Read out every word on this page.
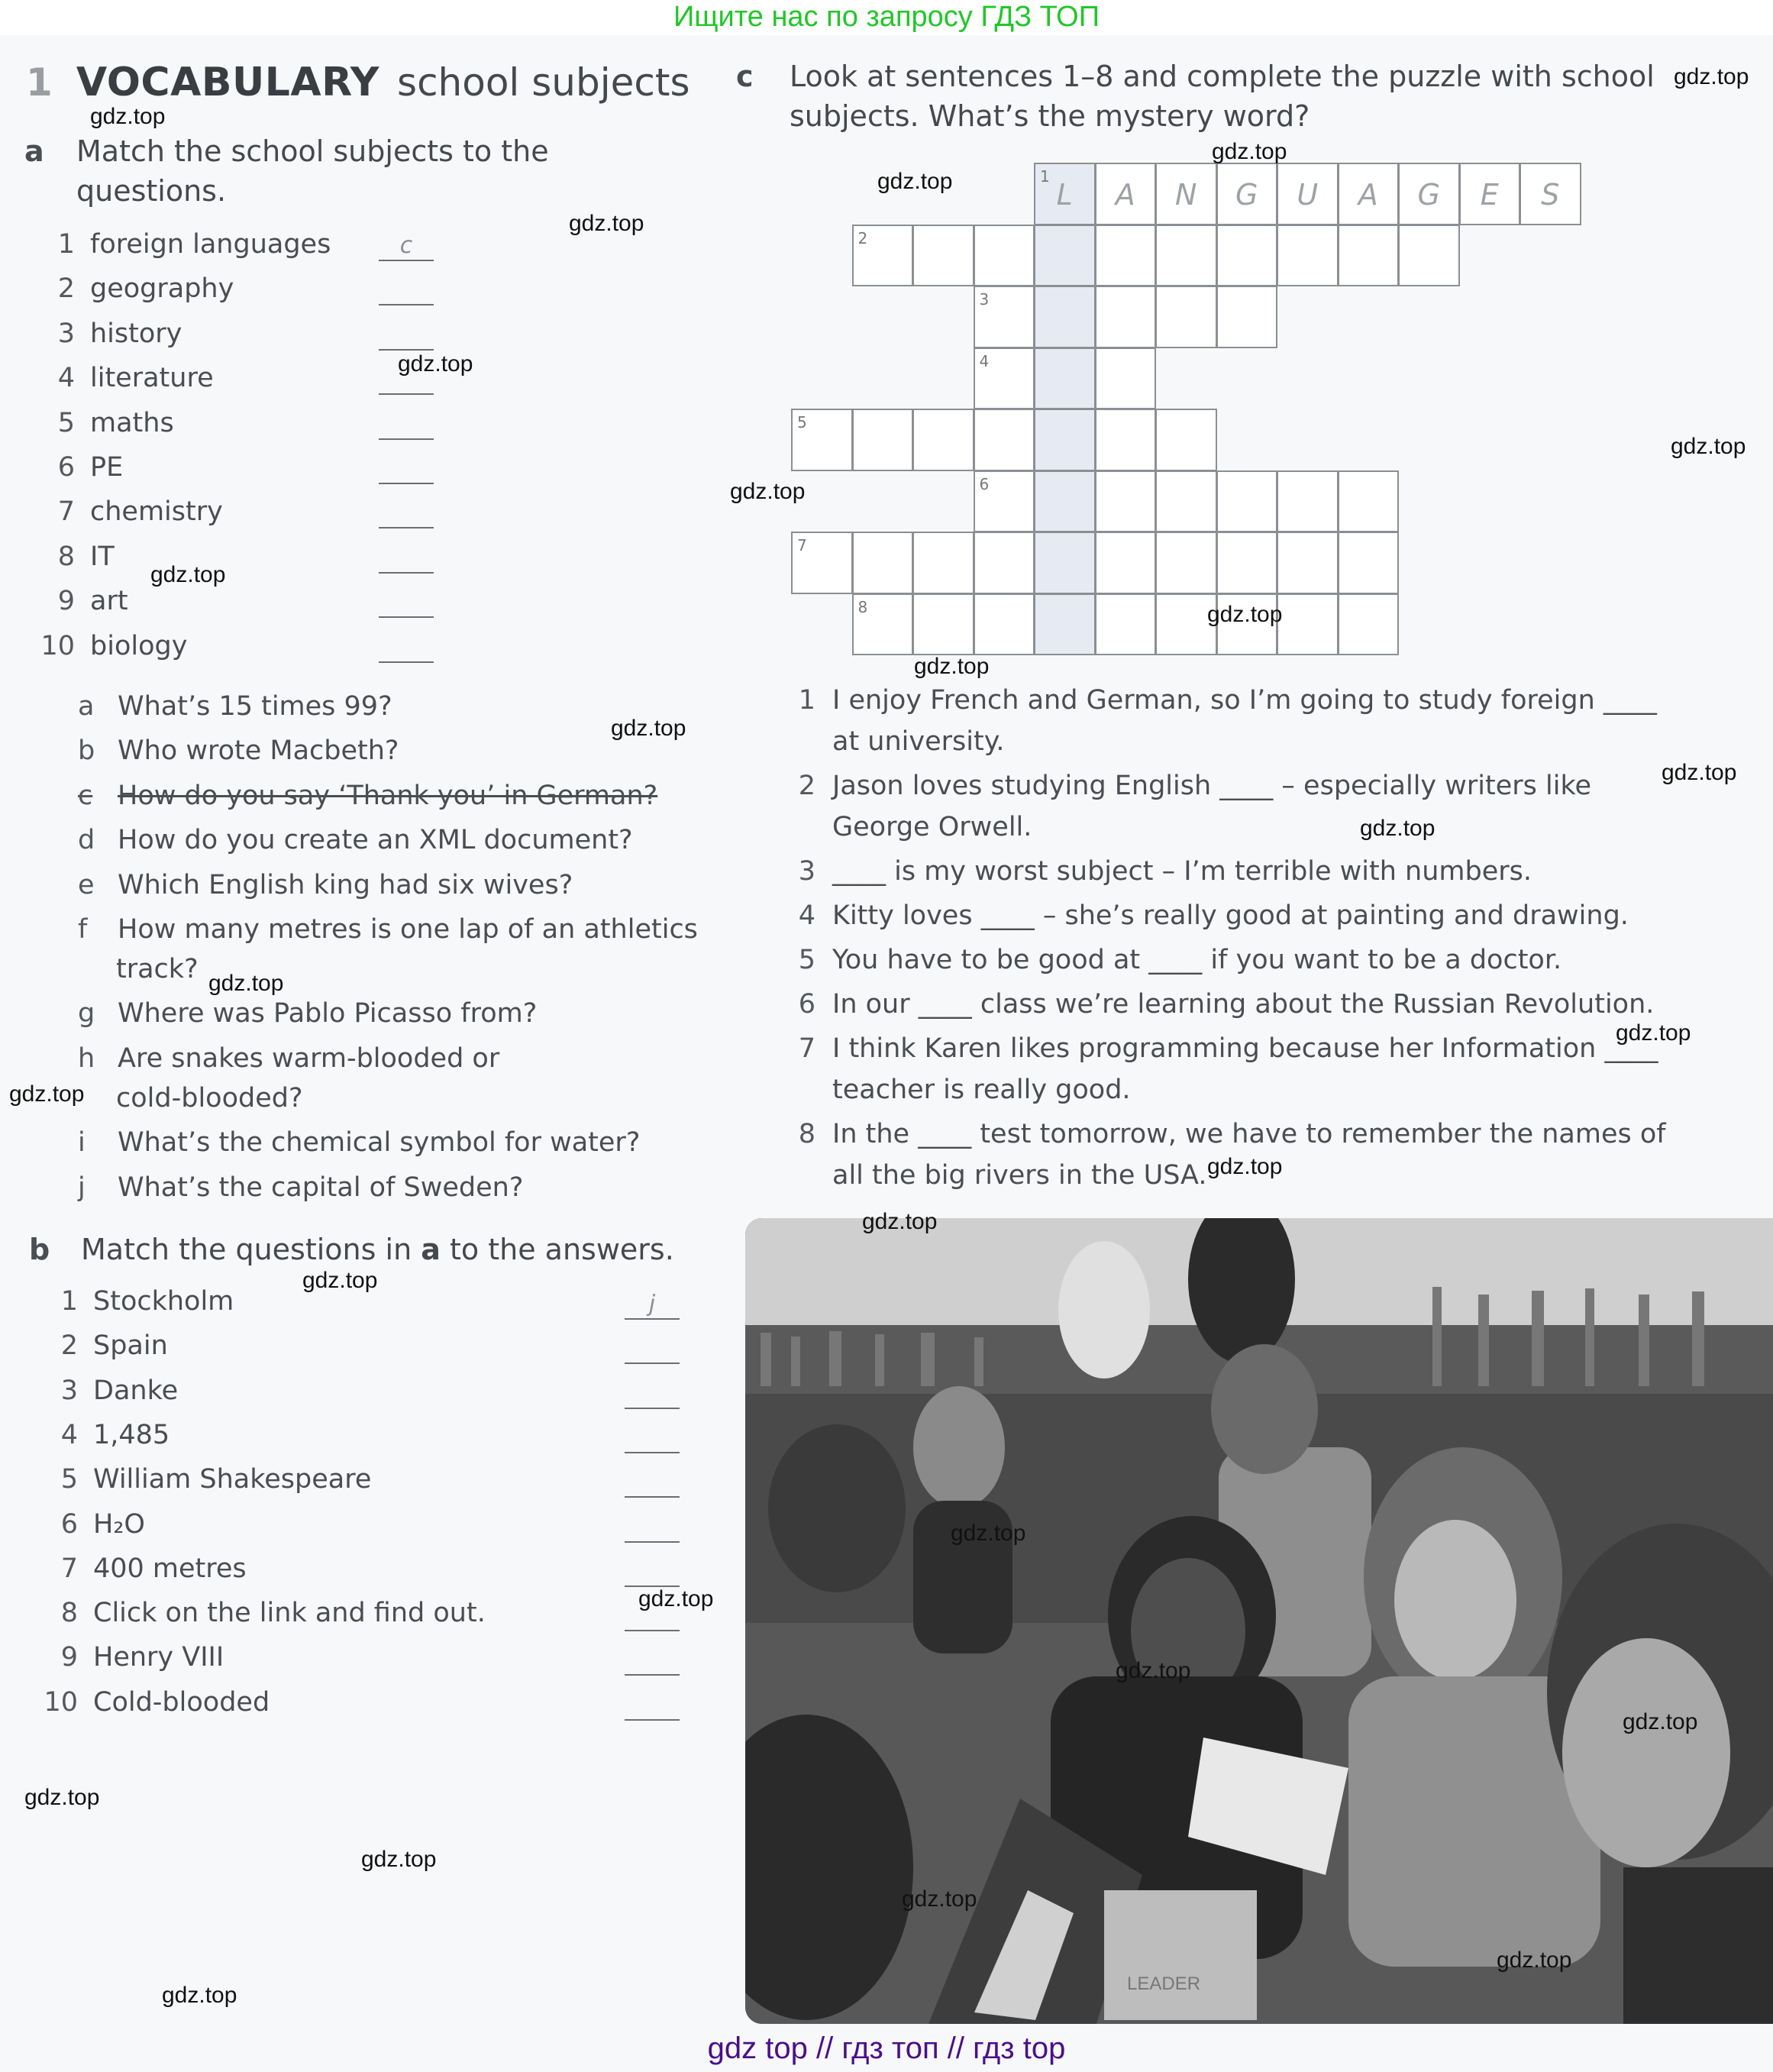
Ищите нас по запросу ГДЗ ТОП
1 VOCABULARY school subjects
a Match the school subjects to the
questions.
1 foreign languages	c
2 geography
3 history
4 literature
5 maths
6 PE
7 chemistry
8 IT
9 art
10 biology
a What’s 15 times 99?
b Who wrote Macbeth?
c How do you say ‘Thank you’ in German?
d How do you create an XML document?
e Which English king had six wives?
f How many metres is one lap of an athletics
track?
g Where was Pablo Picasso from?
h Are snakes warm-blooded or
cold-blooded?
i What’s the chemical symbol for water?
j What’s the capital of Sweden?
b Match the questions in a to the answers.
1 Stockholm	j
2 Spain
3 Danke
4 1,485
5 William Shakespeare
6 H₂O
7 400 metres
8 Click on the link and find out.
9 Henry VIII
10 Cold-blooded
c Look at sentences 1–8 and complete the puzzle with school
subjects. What’s the mystery word?
1
L	A	N	G	U	A	G	E	S
2
3
4
5
6
7
8
1 I enjoy French and German, so I’m going to study foreign ____
at university.
2 Jason loves studying English ____ – especially writers like
George Orwell.
3 ____ is my worst subject – I’m terrible with numbers.
4 Kitty loves ____ – she’s really good at painting and drawing.
5 You have to be good at ____ if you want to be a doctor.
6 In our ____ class we’re learning about the Russian Revolution.
7 I think Karen likes programming because her Information ____
teacher is really good.
8 In the ____ test tomorrow, we have to remember the names of
all the big rivers in the USA.
LEADER
gdz.top
gdz.top
gdz.top
gdz.top
gdz.top
gdz.top
gdz.top
gdz.top
gdz.top
gdz.top
gdz.top
gdz.top
gdz.top
gdz.top
gdz.top
gdz.top
gdz.top
gdz.top
gdz.top
gdz.top
gdz.top
gdz.top
gdz.top
gdz.top
gdz.top
gdz.top
gdz.top
gdz.top
gdz.top
gdz top // гдз топ // гдз top
